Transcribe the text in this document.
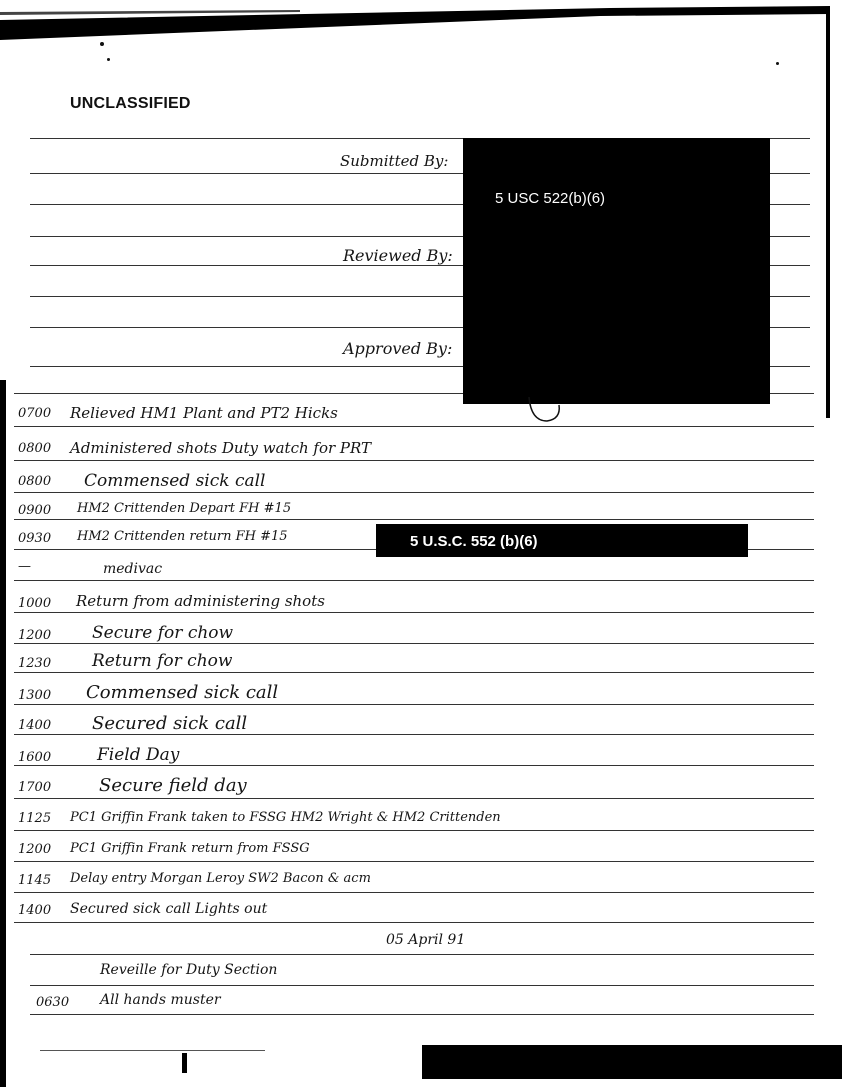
UNCLASSIFIED
Submitted By:
Reviewed By:
Approved By:
5 USC 522(b)(6)
0700 Relieved HM1 Plant and PT2 Hicks
0800 Administered shots Duty watch for PRT
0800 Commensed sick call
0900 HM2 Crittenden Depart FH #15
0930 HM2 Crittenden return FH #15
—	medivac
1000 Return from administering shots
1200 Secure for chow
1230 Return for chow
1300 Commensed sick call
1400 Secured sick call
1600	Field Day
1700	Secure field day
1125 PC1 Griffin Frank taken to FSSG HM2 Wright & HM2 Crittenden
1200 PC1 Griffin Frank return from FSSG
1145 Delay entry Morgan Leroy SW2 Bacon & acm
1400 Secured sick call Lights out
5 U.S.C. 552 (b)(6)
05 April 91
Reveille for Duty Section
0630 All hands muster
